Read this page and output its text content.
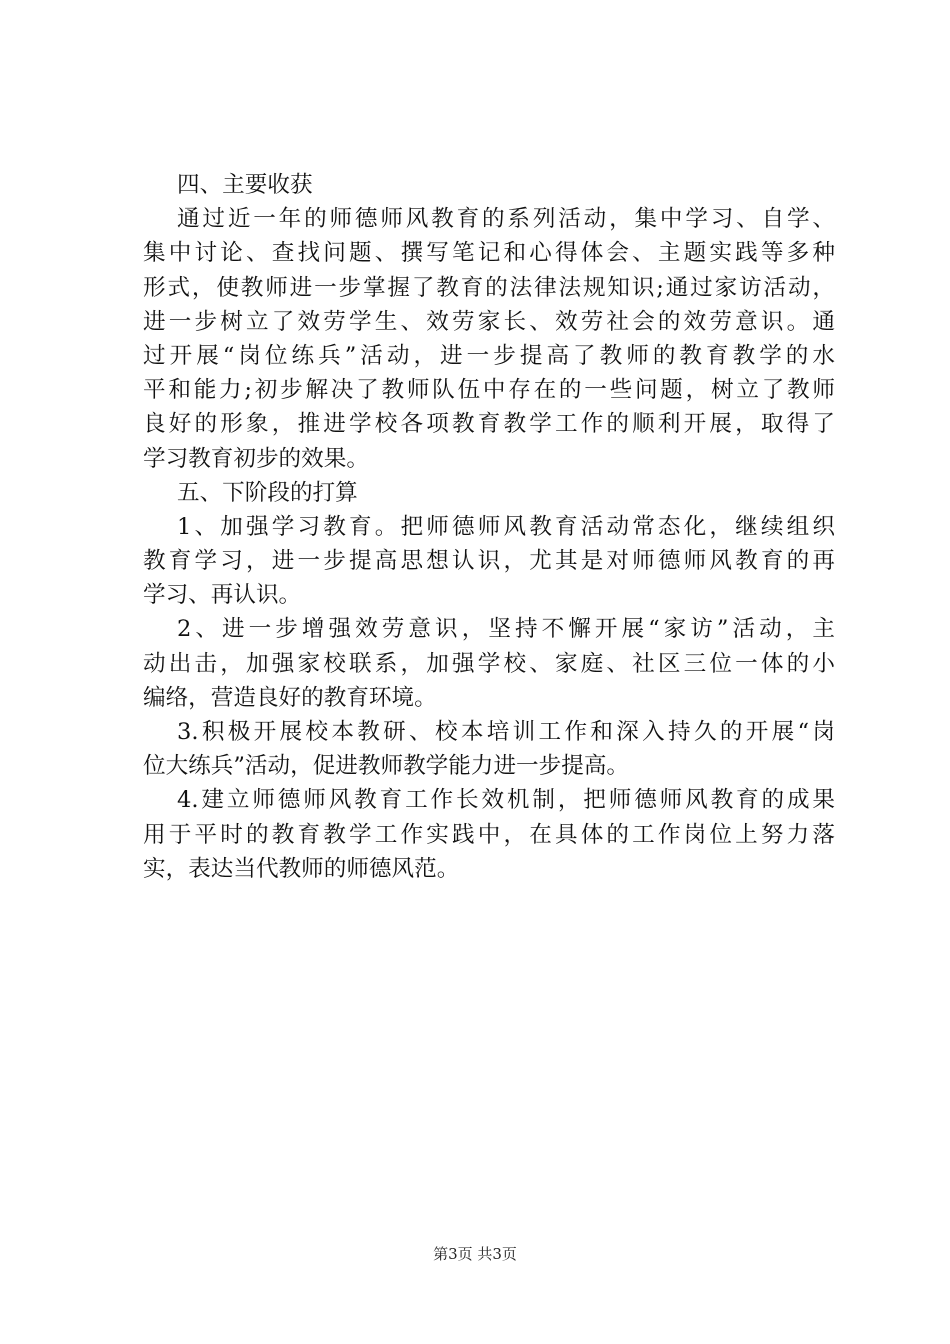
四、主要收获
通过近一年的师德师风教育的系列活动，集中学习、自学、
集中讨论、查找问题、撰写笔记和心得体会、主题实践等多种
形式，使教师进一步掌握了教育的法律法规知识;通过家访活动，
进一步树立了效劳学生、效劳家长、效劳社会的效劳意识。通
过开展“岗位练兵”活动，进一步提高了教师的教育教学的水
平和能力;初步解决了教师队伍中存在的一些问题，树立了教师
良好的形象，推进学校各项教育教学工作的顺利开展，取得了
学习教育初步的效果。
五、下阶段的打算
1、加强学习教育。把师德师风教育活动常态化，继续组织
教育学习，进一步提高思想认识，尤其是对师德师风教育的再
学习、再认识。
2、进一步增强效劳意识，坚持不懈开展“家访”活动，主
动出击，加强家校联系，加强学校、家庭、社区三位一体的小
编络，营造良好的教育环境。
3.积极开展校本教研、校本培训工作和深入持久的开展“岗
位大练兵”活动，促进教师教学能力进一步提高。
4.建立师德师风教育工作长效机制，把师德师风教育的成果
用于平时的教育教学工作实践中，在具体的工作岗位上努力落
实，表达当代教师的师德风范。
第3页 共3页
